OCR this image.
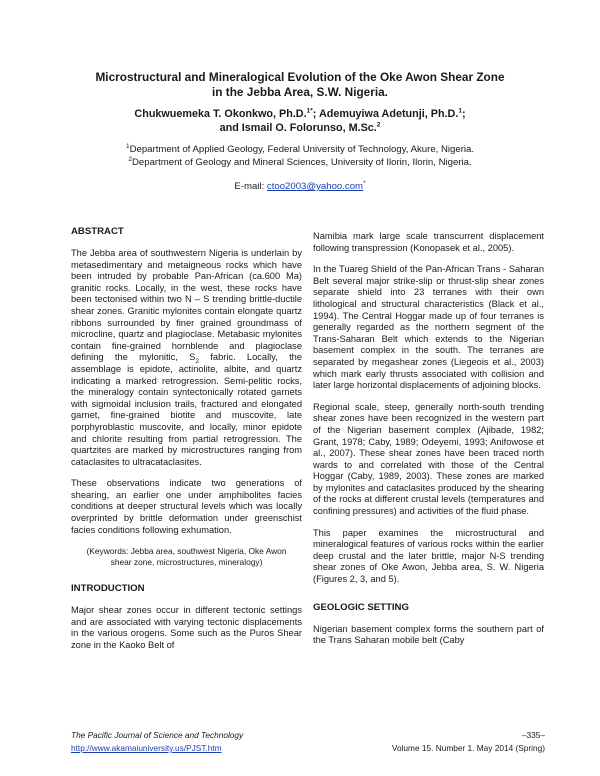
Microstructural and Mineralogical Evolution of the Oke Awon Shear Zone
in the Jebba Area, S.W. Nigeria.
Chukwuemeka T. Okonkwo, Ph.D.$^{1*}$; Ademuyiwa Adetunji, Ph.D.$^1$;
and Ismail O. Folorunso, M.Sc.$^2$
$^1$Department of Applied Geology, Federal University of Technology, Akure, Nigeria.
$^2$Department of Geology and Mineral Sciences, University of Ilorin, Ilorin, Nigeria.
E-mail: ctoo2003@yahoo.com*
ABSTRACT

The Jebba area of southwestern Nigeria is underlain by metasedimentary and metaigneous rocks which have been intruded by probable Pan-African (ca.600 Ma) granitic rocks. Locally, in the west, these rocks have been tectonised within two N – S trending brittle-ductile shear zones. Granitic mylonites contain elongate quartz ribbons surrounded by finer grained groundmass of microcline, quartz and plagioclase. Metabasic mylonites contain fine-grained hornblende and plagioclase defining the mylonitic, $S_2$ fabric. Locally, the assemblage is epidote, actinolite, albite, and quartz indicating a marked retrogression. Semi-pelitic rocks, the mineralogy contain syntectonically rotated garnets with sigmoidal inclusion trails, fractured and elongated garnet, fine-grained biotite and muscovite, late porphyroblastic muscovite, and locally, minor epidote and chlorite resulting from partial retrogression. The quartzites are marked by microstructures ranging from cataclasites to ultracataclasites.

These observations indicate two generations of shearing, an earlier one under amphibolites facies conditions at deeper structural levels which was locally overprinted by brittle deformation under greenschist facies conditions following exhumation.

(Keywords: Jebba area, southwest Nigeria, Oke Awon shear zone, microstructures, mineralogy)

INTRODUCTION

Major shear zones occur in different tectonic settings and are associated with varying tectonic displacements in the various orogens. Some such as the Puros Shear zone in the Kaoko Belt of

Namibia mark large scale transcurrent displacement following transpression (Konopasek et al., 2005).

In the Tuareg Shield of the Pan-African Trans - Saharan Belt several major strike-slip or thrust-slip shear zones separate shield into 23 terranes with their own lithological and structural characteristics (Black et al., 1994). The Central Hoggar made up of four terranes is generally regarded as the northern segment of the Trans-Saharan Belt which extends to the Nigerian basement complex in the south. The terranes are separated by megashear zones (Liegeois et al., 2003) which mark early thrusts associated with collision and later large horizontal displacements of adjoining blocks.

Regional scale, steep, generally north-south trending shear zones have been recognized in the western part of the Nigerian basement complex (Ajibade, 1982; Grant, 1978; Caby, 1989; Odeyemi, 1993; Anifowose et al., 2007). These shear zones have been traced north wards to and correlated with those of the Central Hoggar (Caby, 1989, 2003). These zones are marked by mylonites and cataclasites produced by the shearing of the rocks at different crustal levels (temperatures and confining pressures) and activities of the fluid phase.

This paper examines the microstructural and mineralogical features of various rocks within the earlier deep crustal and the later brittle, major N-S trending shear zones of Oke Awon, Jebba area, S. W. Nigeria (Figures 2, 3, and 5).

GEOLOGIC SETTING

Nigerian basement complex forms the southern part of the Trans Saharan mobile belt (Caby

The Pacific Journal of Science and Technology	–335–
http://www.akamaiuniversity.us/PJST.htm	Volume 15. Number 1. May 2014 (Spring)
